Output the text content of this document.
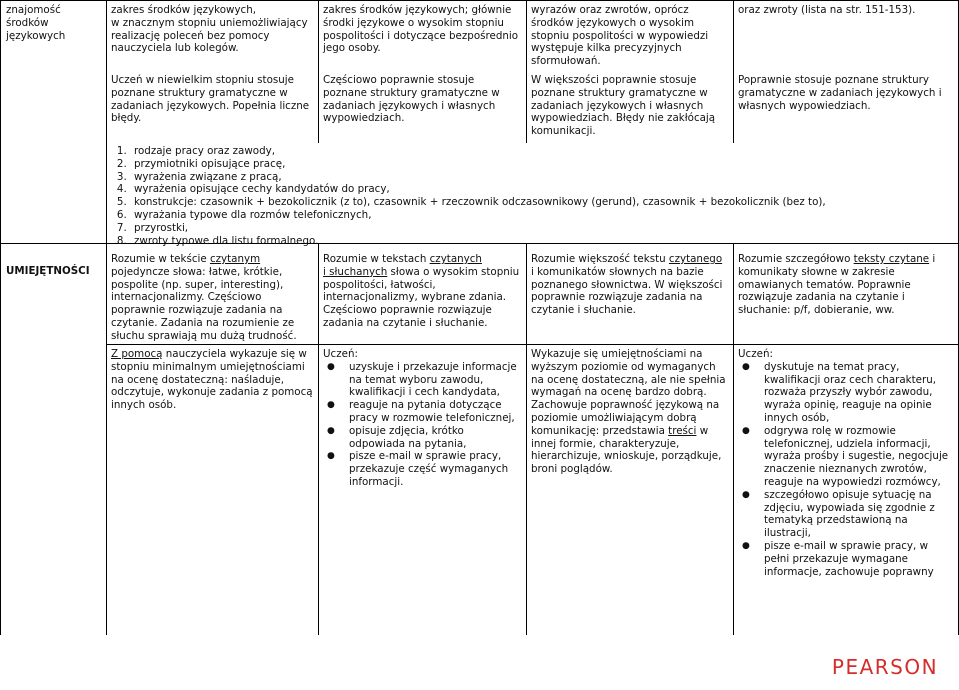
znajomość środków językowych
zakres środków językowych,
w znacznym stopniu uniemożliwiający realizację poleceń bez pomocy nauczyciela lub kolegów.
zakres środków językowych; głównie środki językowe o wysokim stopniu pospolitości i dotyczące bezpośrednio jego osoby.
wyrazów oraz zwrotów, oprócz środków językowych o wysokim stopniu pospolitości w wypowiedzi występuje kilka precyzyjnych sformułowań.
oraz zwroty (lista na str. 151-153).
Uczeń w niewielkim stopniu stosuje poznane struktury gramatyczne w zadaniach językowych. Popełnia liczne błędy.
Częściowo poprawnie stosuje poznane struktury gramatyczne w zadaniach językowych i własnych wypowiedziach.
W większości poprawnie stosuje poznane struktury gramatyczne w zadaniach językowych i własnych wypowiedziach. Błędy nie zakłócają komunikacji.
Poprawnie stosuje poznane struktury gramatyczne w zadaniach językowych i własnych wypowiedziach.
1. rodzaje pracy oraz zawody,
2. przymiotniki opisujące pracę,
3. wyrażenia związane z pracą,
4. wyrażenia opisujące cechy kandydatów do pracy,
5. konstrukcje: czasownik + bezokolicznik (z to), czasownik + rzeczownik odczasownikowy (gerund), czasownik + bezokolicznik (bez to),
6. wyrażania typowe dla rozmów telefonicznych,
7. przyrostki,
8. zwroty typowe dla listu formalnego.
UMIEJĘTNOŚCI
Rozumie w tekście czytanym pojedyncze słowa: łatwe, krótkie, pospolite (np. super, interesting), internacjonalizmy. Częściowo poprawnie rozwiązuje zadania na czytanie. Zadania na rozumienie ze słuchu sprawiają mu dużą trudność.
Rozumie w tekstach czytanych
i słuchanych słowa o wysokim stopniu pospolitości, łatwości, internacjonalizmy, wybrane zdania. Częściowo poprawnie rozwiązuje zadania na czytanie i słuchanie.
Rozumie większość tekstu czytanego i komunikatów słownych na bazie poznanego słownictwa. W większości poprawnie rozwiązuje zadania na czytanie i słuchanie.
Rozumie szczegółowo teksty czytane i komunikaty słowne w zakresie omawianych tematów. Poprawnie rozwiązuje zadania na czytanie i słuchanie: p/f, dobieranie, ww.
Z pomocą nauczyciela wykazuje się w stopniu minimalnym umiejętnościami na ocenę dostateczną: naśladuje, odczytuje, wykonuje zadania z pomocą innych osób.
Uczeń:
● uzyskuje i przekazuje informacje na temat wyboru zawodu, kwalifikacji i cech kandydata,
● reaguje na pytania dotyczące pracy w rozmowie telefonicznej,
● opisuje zdjęcia, krótko odpowiada na pytania,
● pisze e-mail w sprawie pracy, przekazuje część wymaganych informacji.
Wykazuje się umiejętnościami na wyższym poziomie od wymaganych na ocenę dostateczną, ale nie spełnia wymagań na ocenę bardzo dobrą. Zachowuje poprawność językową na poziomie umożliwiającym dobrą komunikację: przedstawia treści w innej formie, charakteryzuje, hierarchizuje, wnioskuje, porządkuje, broni poglądów.
Uczeń:
● dyskutuje na temat pracy, kwalifikacji oraz cech charakteru, rozważa przyszły wybór zawodu, wyraża opinię, reaguje na opinie innych osób,
● odgrywa rolę w rozmowie telefonicznej, udziela informacji, wyraża prośby i sugestie, negocjuje znaczenie nieznanych zwrotów, reaguje na wypowiedzi rozmówcy,
● szczegółowo opisuje sytuację na zdjęciu, wypowiada się zgodnie z tematyką przedstawioną na ilustracji,
● pisze e-mail w sprawie pracy, w pełni przekazuje wymagane informacje, zachowuje poprawny
PEARSON
